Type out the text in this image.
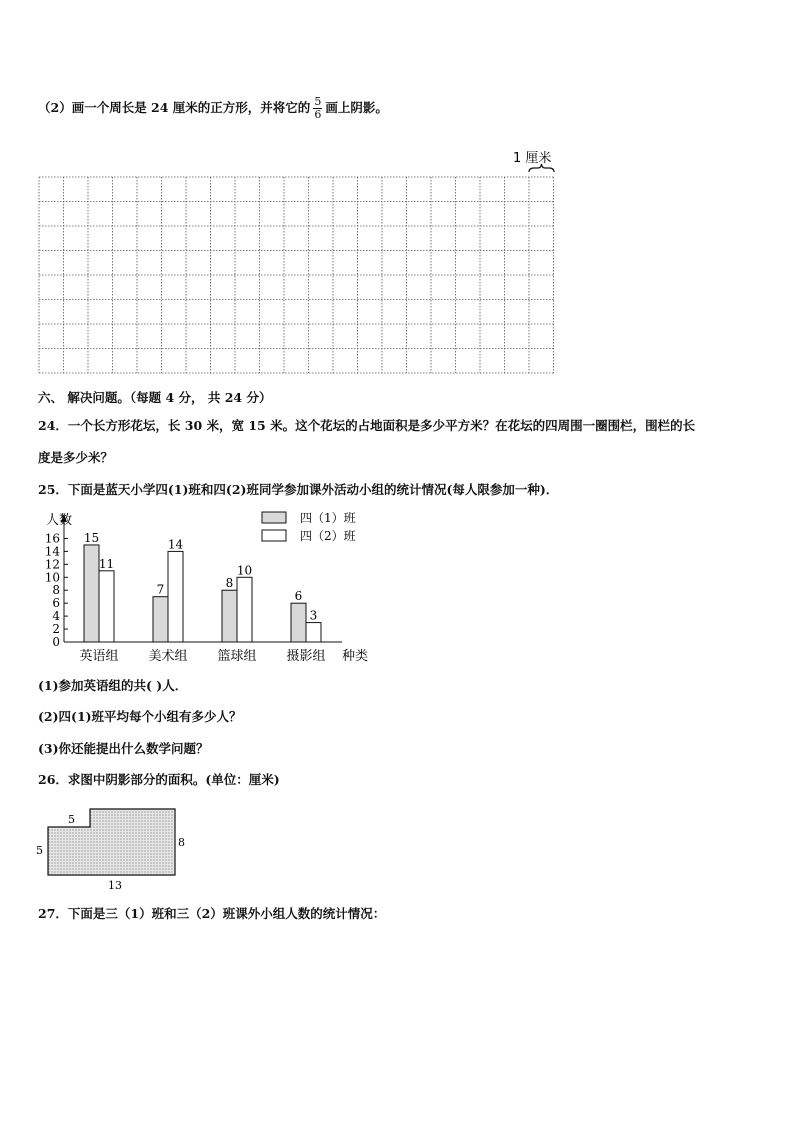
（2）画一个周长是 24 厘米的正方形，并将它的 $\frac{5}{6}$ 画上阴影。
1 厘米
六、 解决问题。（每题 4 分， 共 24 分）
24．一个长方形花坛，长 30 米，宽 15 米。这个花坛的占地面积是多少平方米？在花坛的四周围一圈围栏，围栏的长
度是多少米？
25．下面是蓝天小学四(1)班和四(2)班同学参加课外活动小组的统计情况(每人限参加一种)．
人数
种类
0
2
4
6
8
10
12
14
16 15
11
英语组
7
14
美术组
8
10
篮球组
6
3
摄影组
四（1）班
四（2）班
(1)参加英语组的共( )人．
(2)四(1)班平均每个小组有多少人？
(3)你还能提出什么数学问题？
26．求图中阴影部分的面积。(单位：厘米)
5
5
8
13
27．下面是三（1）班和三（2）班课外小组人数的统计情况：
